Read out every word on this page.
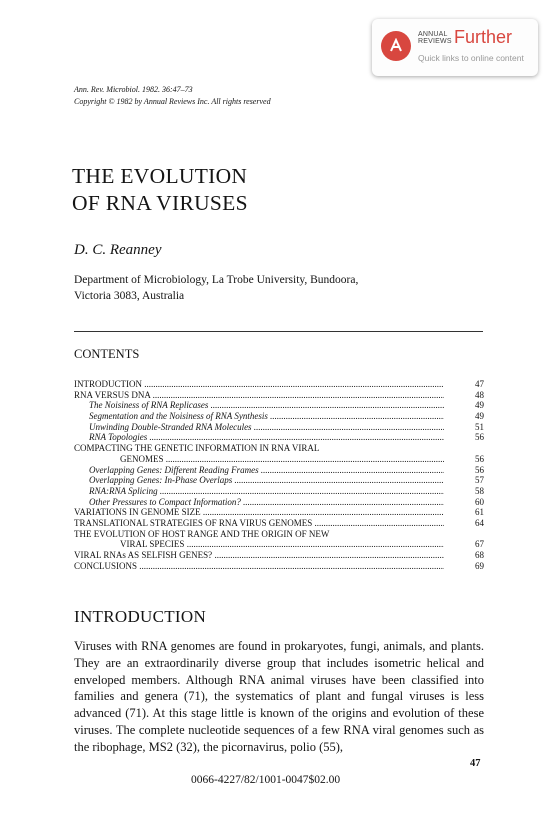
ANNUAL
REVIEWS Further
Quick links to online content
Ann. Rev. Microbiol. 1982. 36:47–73
Copyright © 1982 by Annual Reviews Inc. All rights reserved
THE EVOLUTION
OF RNA VIRUSES
D. C. Reanney
Department of Microbiology, La Trobe University, Bundoora,
Victoria 3083, Australia
CONTENTS
INTRODUCTION .....	47
RNA VERSUS DNA .....	48
The Noisiness of RNA Replicases .....	49
Segmentation and the Noisiness of RNA Synthesis .....	49
Unwinding Double-Stranded RNA Molecules .....	51
RNA Topologies .....	56
COMPACTING THE GENETIC INFORMATION IN RNA VIRAL
GENOMES .....	56
Overlapping Genes: Different Reading Frames .....	56
Overlapping Genes: In-Phase Overlaps .....	57
RNA:RNA Splicing .....	58
Other Pressures to Compact Information? .....	60
VARIATIONS IN GENOME SIZE .....	61
TRANSLATIONAL STRATEGIES OF RNA VIRUS GENOMES .....	64
THE EVOLUTION OF HOST RANGE AND THE ORIGIN OF NEW
VIRAL SPECIES .....	67
VIRAL RNAs AS SELFISH GENES? .....	68
CONCLUSIONS .....	69
INTRODUCTION
Viruses with RNA genomes are found in prokaryotes, fungi, animals, and plants. They are an extraordinarily diverse group that includes isometric helical and enveloped members. Although RNA animal viruses have been classified into families and genera (71), the systematics of plant and fungal viruses is less advanced (71). At this stage little is known of the origins and evolution of these viruses. The complete nucleotide sequences of a few RNA viral genomes such as the ribophage, MS2 (32), the picornavirus, polio (55),
47
0066-4227/82/1001-0047$02.00
